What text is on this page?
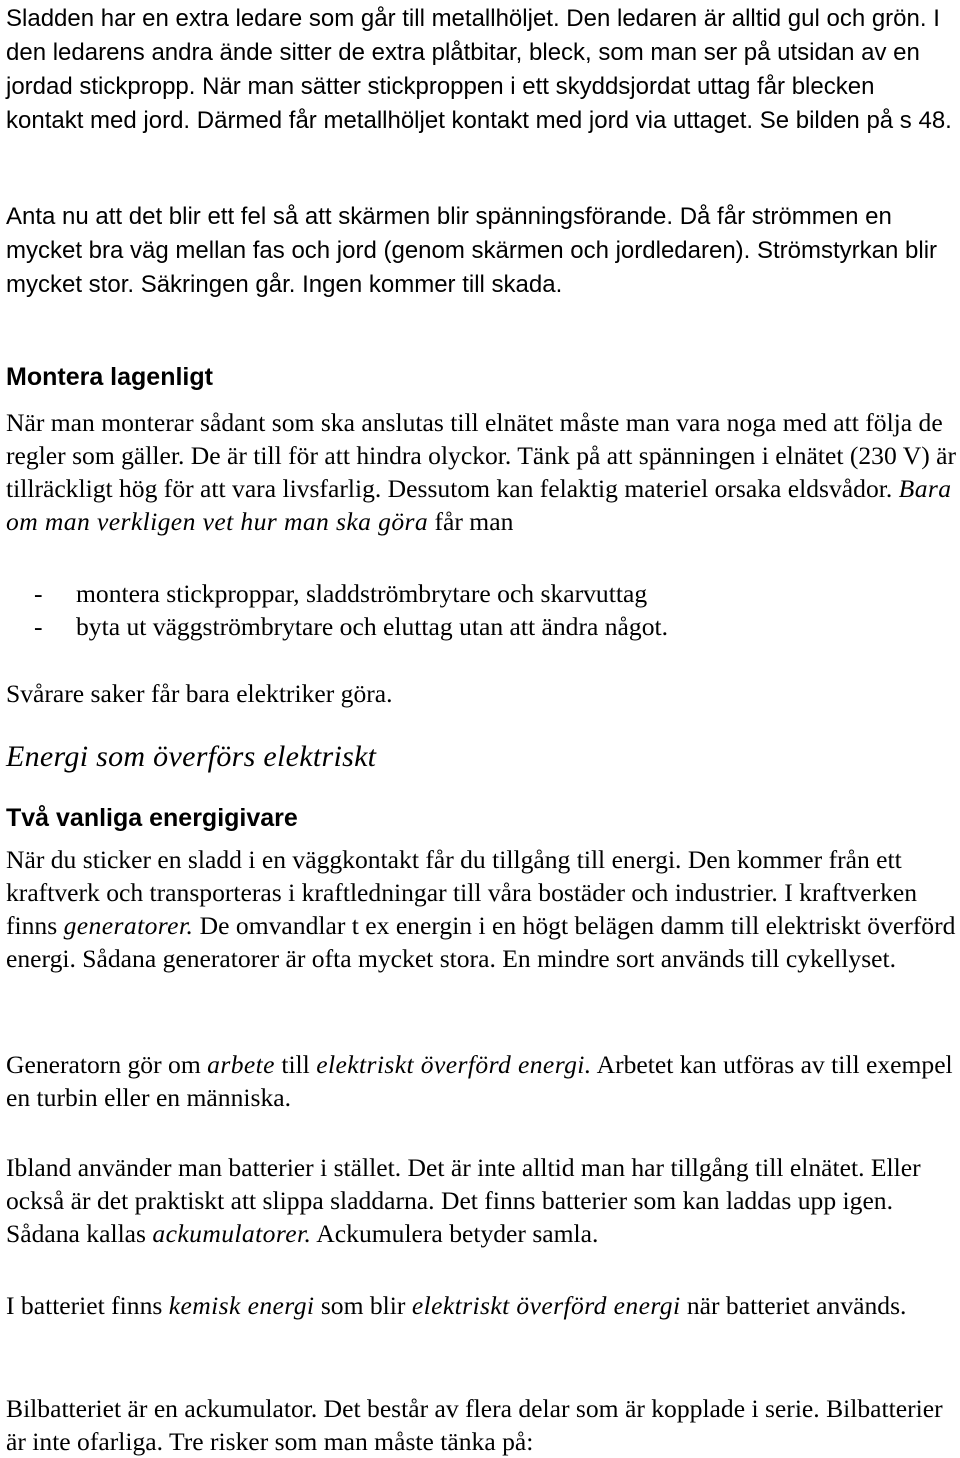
Sladden har en extra ledare som går till metallhöljet. Den ledaren är alltid gul och grön. I den ledarens andra ände sitter de extra plåtbitar, bleck, som man ser på utsidan av en jordad stickpropp. När man sätter stickproppen i ett skyddsjordat uttag får blecken kontakt med jord. Därmed får metallhöljet kontakt med jord via uttaget. Se bilden på s 48.

Anta nu att det blir ett fel så att skärmen blir spänningsförande. Då får strömmen en mycket bra väg mellan fas och jord (genom skärmen och jordledaren). Strömstyrkan blir mycket stor. Säkringen går. Ingen kommer till skada.

Montera lagenligt

När man monterar sådant som ska anslutas till elnätet måste man vara noga med att följa de regler som gäller. De är till för att hindra olyckor. Tänk på att spänningen i elnätet (230 V) är tillräckligt hög för att vara livsfarlig. Dessutom kan felaktig materiel orsaka eldsvådor. Bara om man verkligen vet hur man ska göra får man

-	montera stickproppar, sladdströmbrytare och skarvuttag
-	byta ut väggströmbrytare och eluttag utan att ändra något.

Svårare saker får bara elektriker göra.

Energi som överförs elektriskt
Två vanliga energigivare

När du sticker en sladd i en väggkontakt får du tillgång till energi. Den kommer från ett kraftverk och transporteras i kraftledningar till våra bostäder och industrier. I kraftverken finns generatorer. De omvandlar t ex energin i en högt belägen damm till elektriskt överförd energi. Sådana generatorer är ofta mycket stora. En mindre sort används till cykellyset.

Generatorn gör om arbete till elektriskt överförd energi. Arbetet kan utföras av till exempel en turbin eller en människa.

Ibland använder man batterier i stället. Det är inte alltid man har tillgång till elnätet. Eller också är det praktiskt att slippa sladdarna. Det finns batterier som kan laddas upp igen. Sådana kallas ackumulatorer. Ackumulera betyder samla.

I batteriet finns kemisk energi som blir elektriskt överförd energi när batteriet används.

Bilbatteriet är en ackumulator. Det består av flera delar som är kopplade i serie. Bilbatterier är inte ofarliga. Tre risker som man måste tänka på:
